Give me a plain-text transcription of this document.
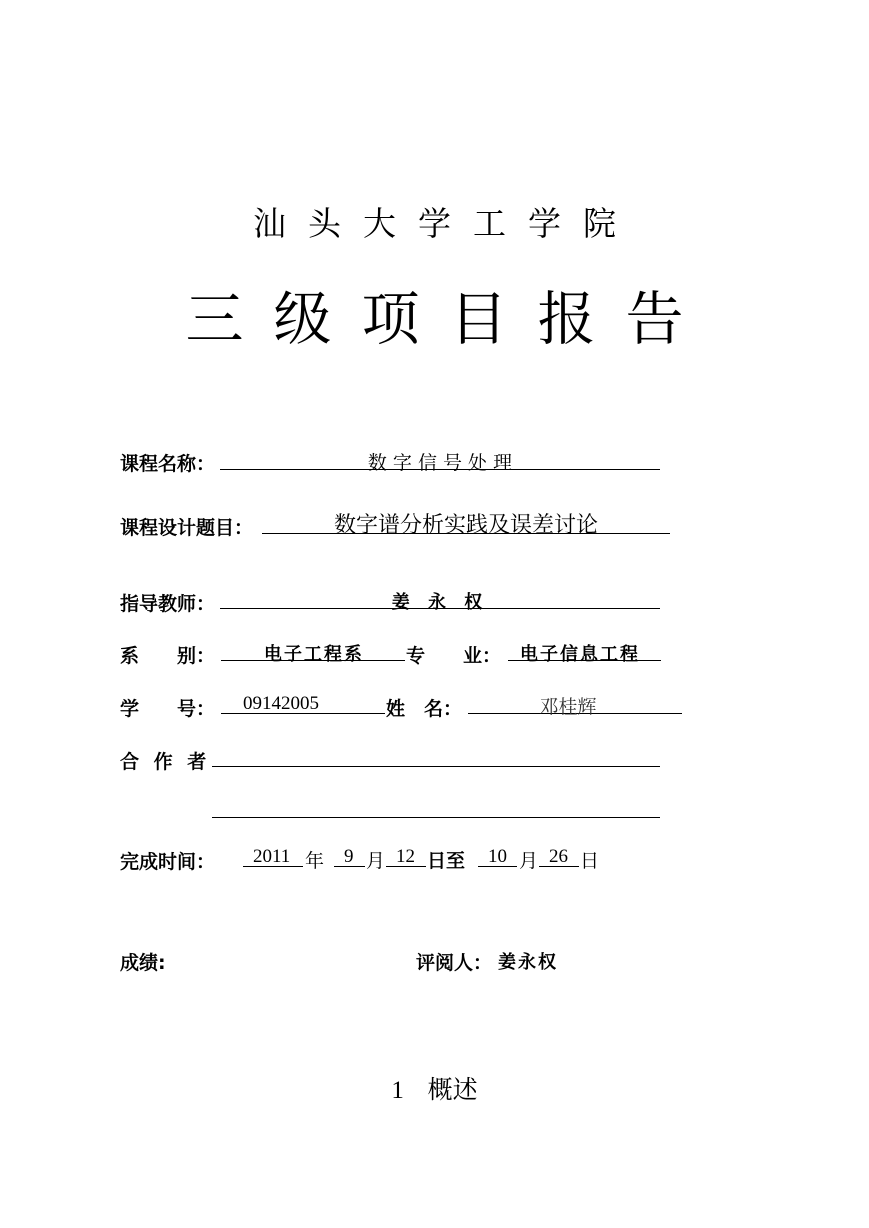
汕头大学工学院
三级项目报告
课程名称：	数 字 信 号 处 理
课程设计题目：	数字谱分析实践及误差讨论
指导教师：	姜 永 权
系　　别：	电子工程系 专　　业： 电子信息工程
学　　号： 09142005	姓　名：	邓桂辉
合 作 者
完成时间： 2011 年 9 月 12 日至 10 月 26 日
成绩:	评阅人： 姜永权
1 概述
